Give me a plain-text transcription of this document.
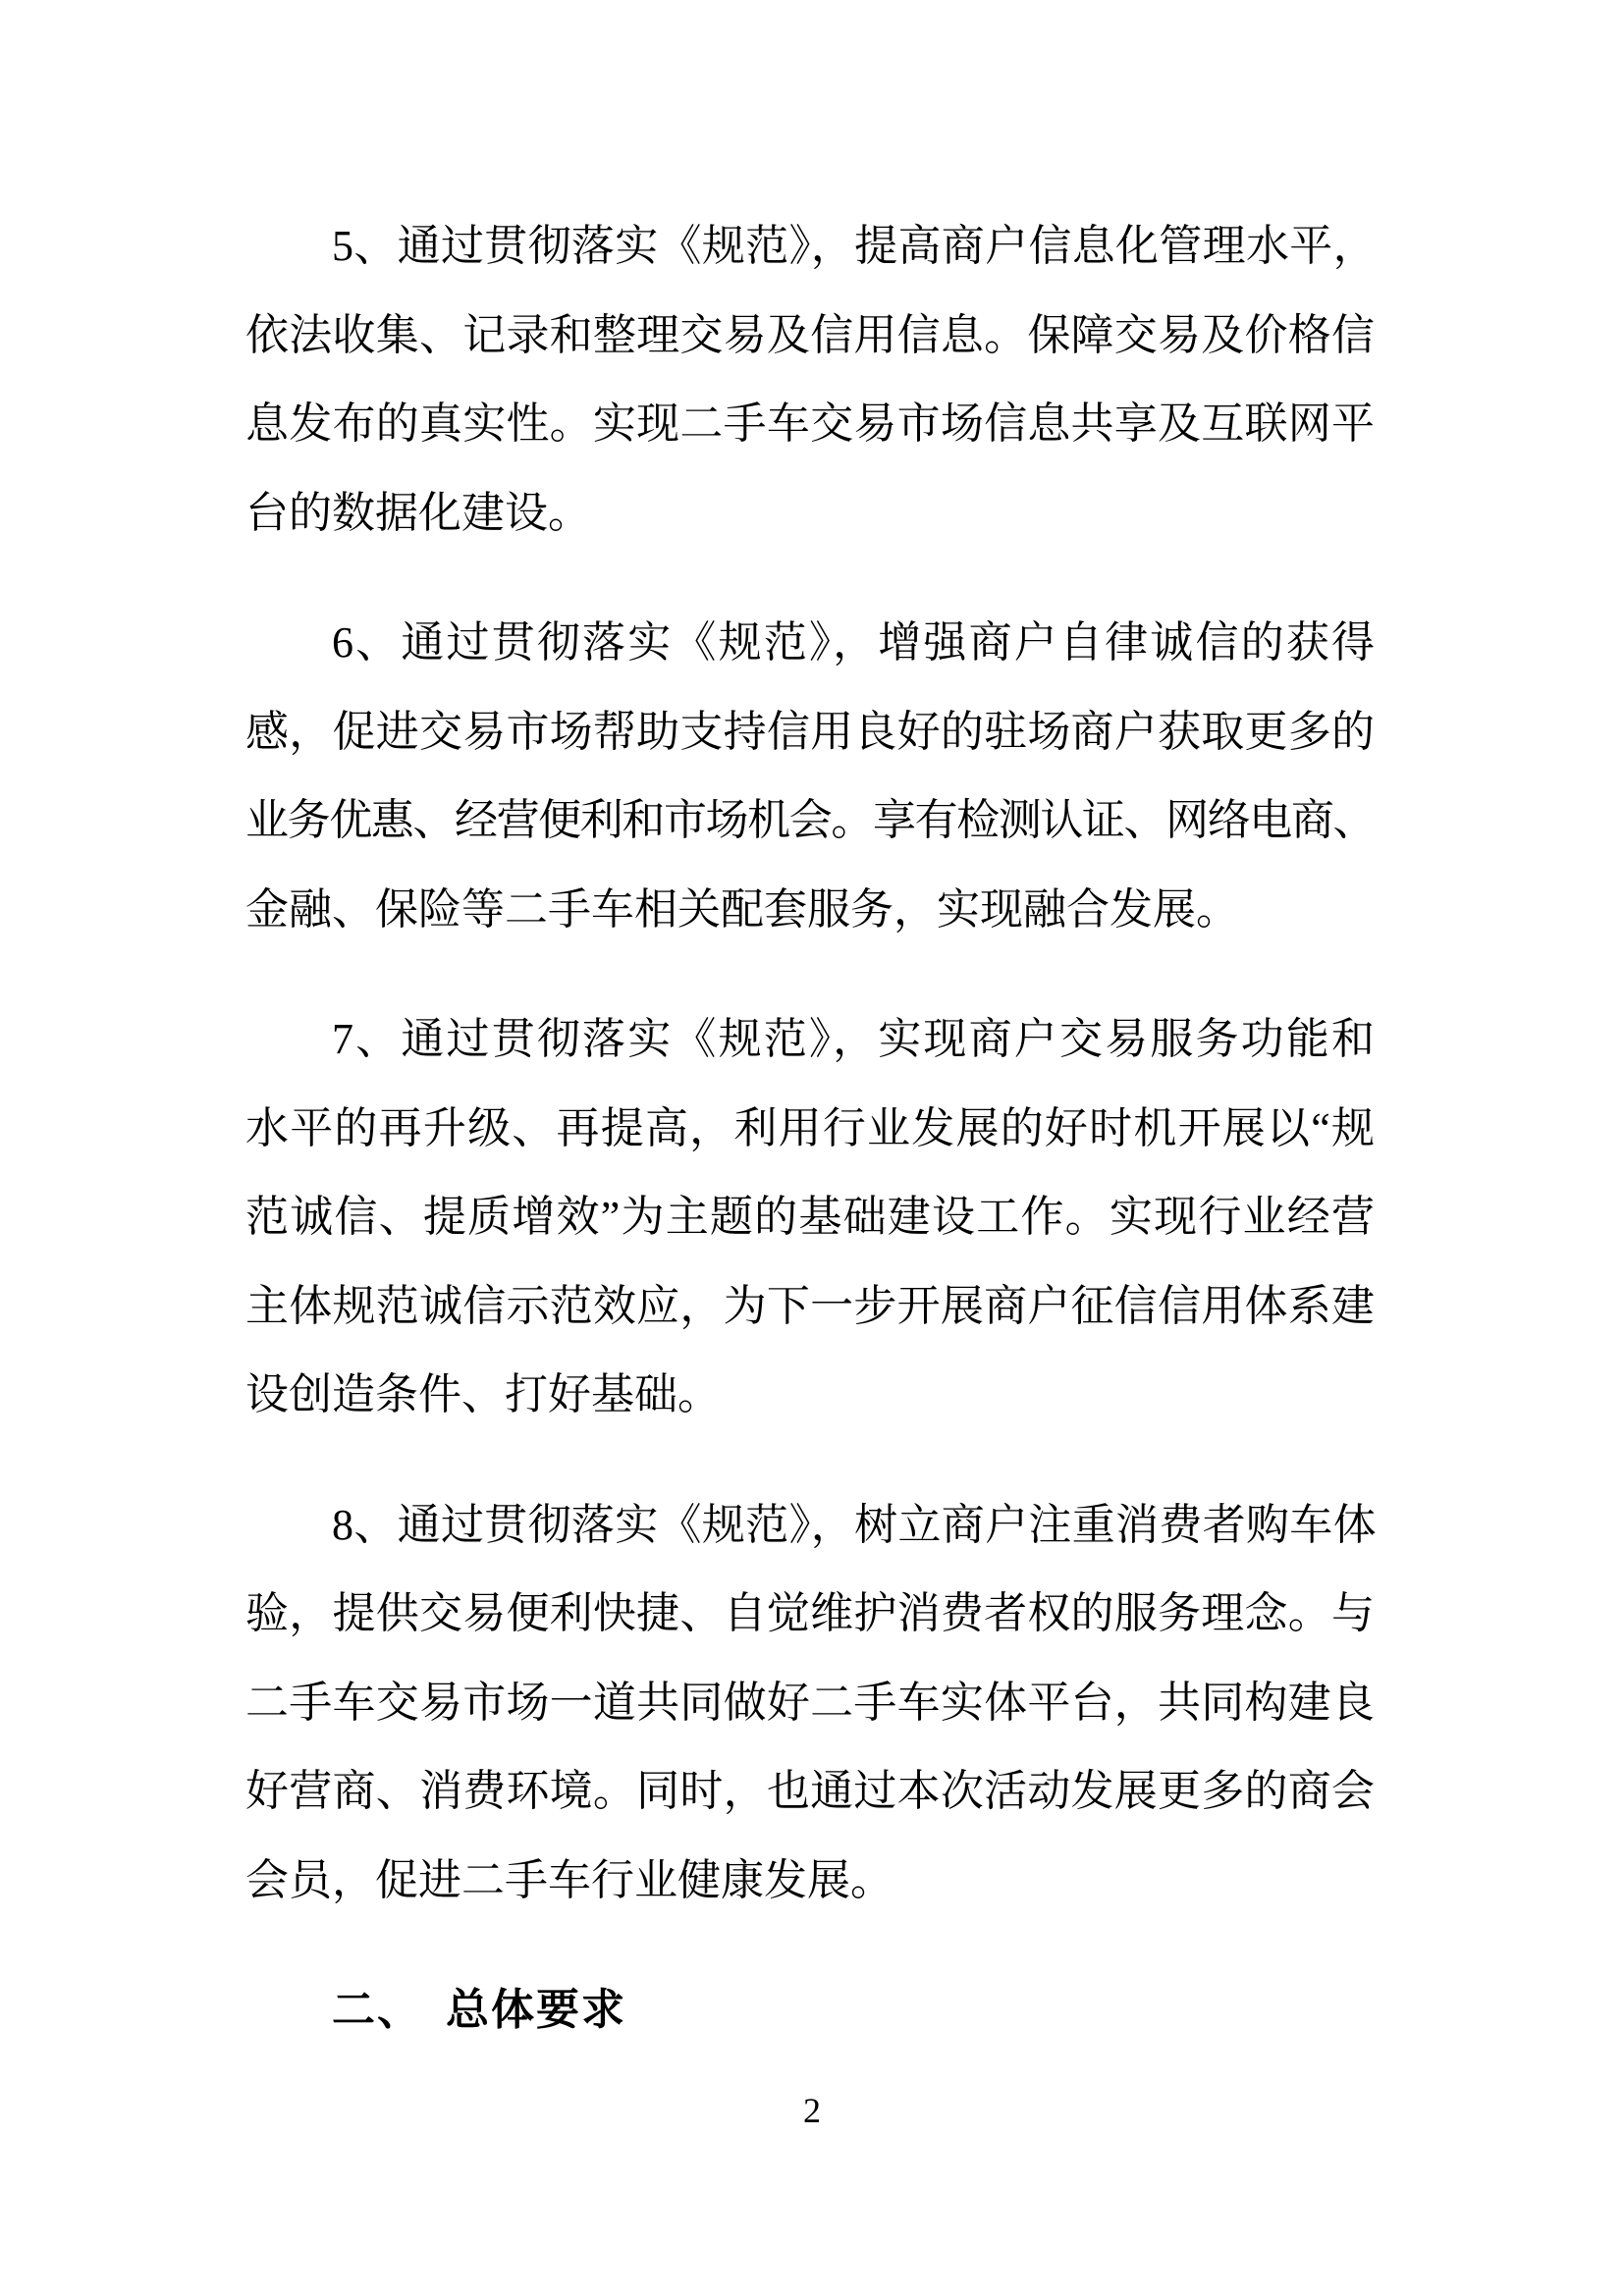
5、通过贯彻落实《规范》，提高商户信息化管理水平，
依法收集、记录和整理交易及信用信息。保障交易及价格信
息发布的真实性。实现二手车交易市场信息共享及互联网平
台的数据化建设。
6、通过贯彻落实《规范》，增强商户自律诚信的获得
感，促进交易市场帮助支持信用良好的驻场商户获取更多的
业务优惠、经营便利和市场机会。享有检测认证、网络电商、
金融、保险等二手车相关配套服务，实现融合发展。
7、通过贯彻落实《规范》，实现商户交易服务功能和
水平的再升级、再提高，利用行业发展的好时机开展以“规
范诚信、提质增效”为主题的基础建设工作。实现行业经营
主体规范诚信示范效应，为下一步开展商户征信信用体系建
设创造条件、打好基础。
8、通过贯彻落实《规范》，树立商户注重消费者购车体
验，提供交易便利快捷、自觉维护消费者权的服务理念。与
二手车交易市场一道共同做好二手车实体平台，共同构建良
好营商、消费环境。同时，也通过本次活动发展更多的商会
会员，促进二手车行业健康发展。
二、　总体要求
2
